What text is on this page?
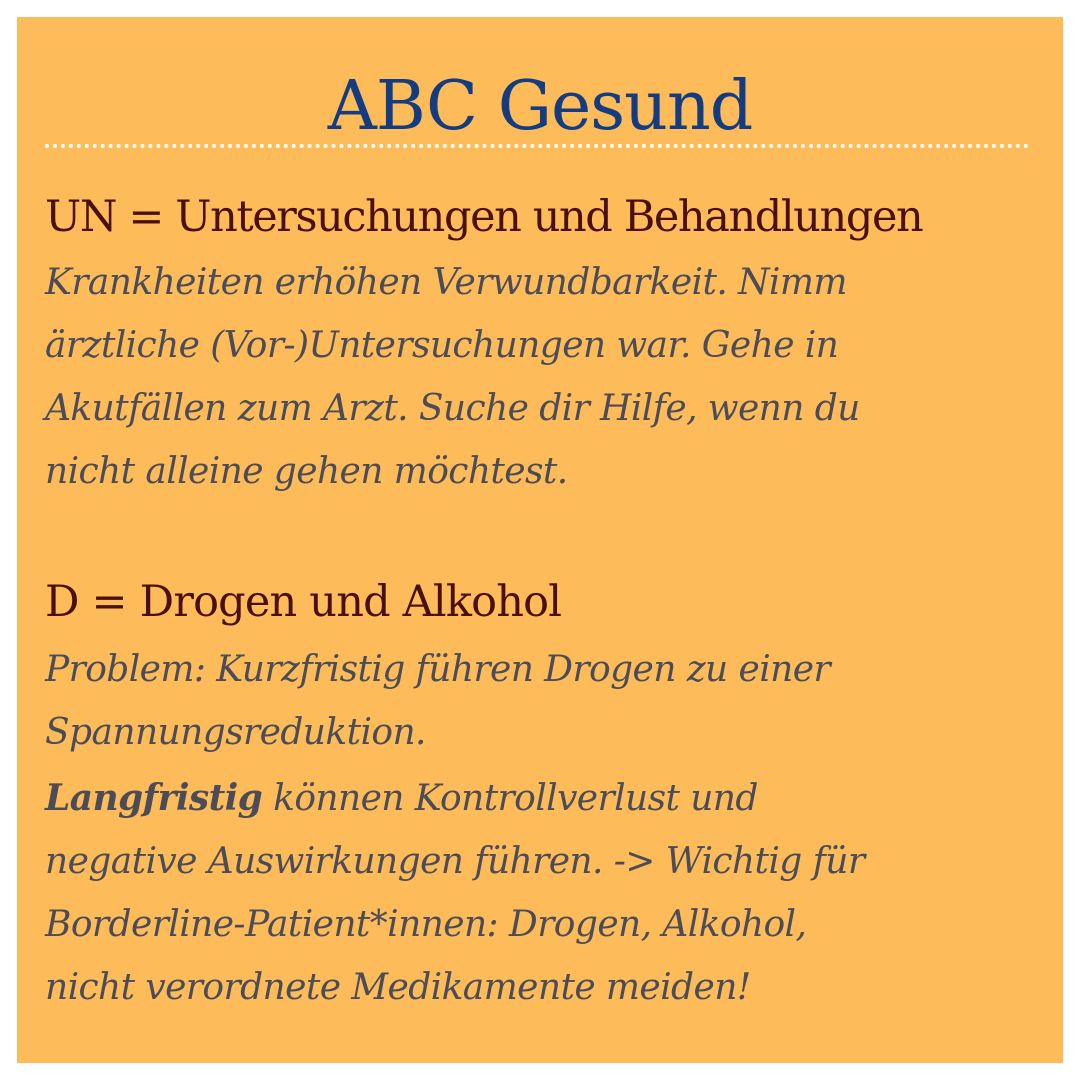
ABC Gesund
UN = Untersuchungen und Behandlungen

Krankheiten erhöhen Verwundbarkeit. Nimm
ärztliche (Vor-)Untersuchungen war. Gehe in
Akutfällen zum Arzt. Suche dir Hilfe, wenn du
nicht alleine gehen möchtest.

D = Drogen und Alkohol

Problem: Kurzfristig führen Drogen zu einer
Spannungsreduktion.

Langfristig können Kontrollverlust und
negative Auswirkungen führen. -> Wichtig für
Borderline-Patient*innen: Drogen, Alkohol,
nicht verordnete Medikamente meiden!
